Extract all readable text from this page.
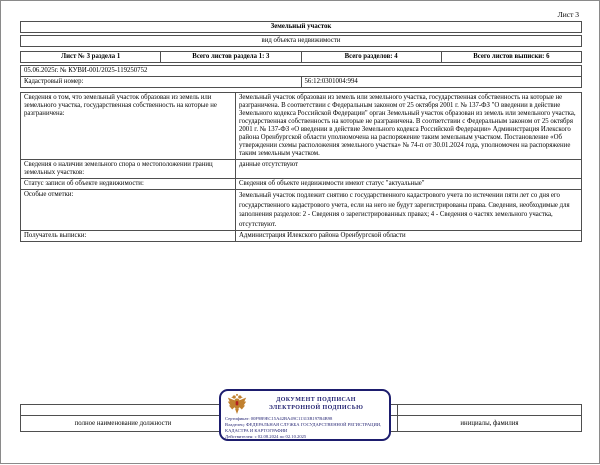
Лист 3
Земельный участок
вид объекта недвижимости
Лист № 3 раздела 1	Всего листов раздела 1: 3	Всего разделов: 4	Всего листов выписки: 6
05.06.2025г. № КУВИ-001/2025-119250752
Кадастровый номер:	56:12:0301004:994
Сведения о том, что земельный участок образован из земель или земельного участка, государственная собственность на которые не разграничена:	Земельный участок образован из земель или земельного участка, государственная собственность на которые не разграничена. В соответствии с Федеральным законом от 25 октября 2001 г. № 137-ФЗ "О введении в действие Земельного кодекса Российской Федерации" орган Земельный участок образован из земель или земельного участка, государственная собственность на которые не разграничена. В соответствии с Федеральным законом от 25 октября 2001 г. № 137-ФЗ «О введении в действие Земельного кодекса Российской Федерации» Администрация Илекского района Оренбургской области уполномочена на распоряжение таким земельным участком. Постановление «Об утверждении схемы расположения земельного участка» № 74-п от 30.01.2024 года, уполномочен на распоряжение таким земельным участком.
Сведения о наличии земельного спора о местоположении границ земельных участков:	данные отсутствуют
Статус записи об объекте недвижимости:	Сведения об объекте недвижимости имеют статус "актуальные"
Особые отметки:	Земельный участок подлежит снятию с государственного кадастрового учета по истечении пяти лет со дня его государственного кадастрового учета, если на него не будут зарегистрированы права. Сведения, необходимые для заполнения разделов: 2 - Сведения о зарегистрированных правах; 4 - Сведения о частях земельного участка, отсутствуют.
Получатель выписки:	Администрация Илекского района Оренбургской области

полное наименование должности		инициалы, фамилия
ДОКУМЕНТ ПОДПИСАН
ЭЛЕКТРОННОЙ ПОДПИСЬЮ
Сертификат: 00F9B9EC15A42BA49C11313B197B4B98
Владелец: ФЕДЕРАЛЬНАЯ СЛУЖБА ГОСУДАРСТВЕННОЙ РЕГИСТРАЦИИ, КАДАСТРА И КАРТОГРАФИИ
Действителен: с 02.08.2024 по 02.10.2025
